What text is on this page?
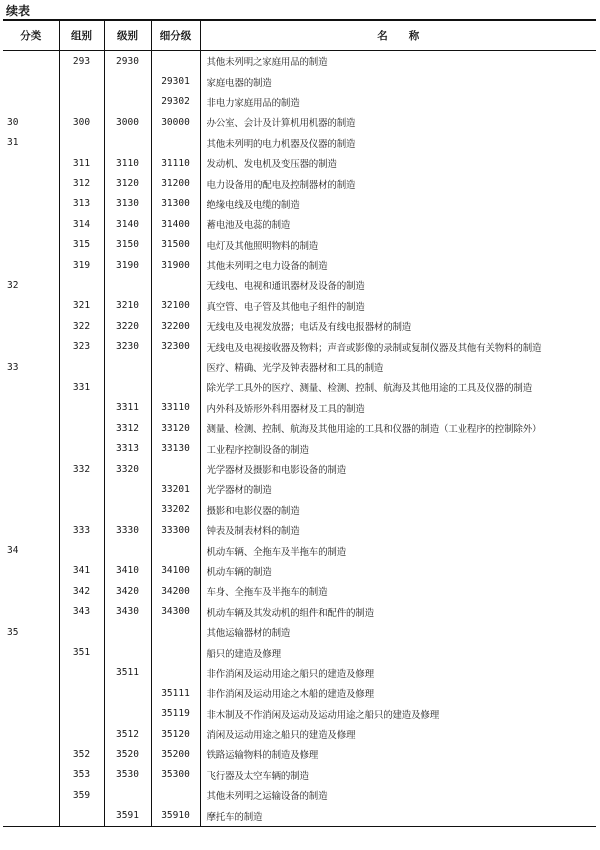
续表
分类	组别	级别	细分级	名　　称
	293	2930		其他未列明之家庭用品的制造
			29301	家庭电器的制造
			29302	非电力家庭用品的制造
30	300	3000	30000	办公室、会计及计算机用机器的制造
31				其他未列明的电力机器及仪器的制造
	311	3110	31110	发动机、发电机及变压器的制造
	312	3120	31200	电力设备用的配电及控制器材的制造
	313	3130	31300	绝缘电线及电缆的制造
	314	3140	31400	蓄电池及电蕊的制造
	315	3150	31500	电灯及其他照明物料的制造
	319	3190	31900	其他未列明之电力设备的制造
32				无线电、电视和通讯器材及设备的制造
	321	3210	32100	真空管、电子管及其他电子组件的制造
	322	3220	32200	无线电及电视发放器；电话及有线电报器材的制造
	323	3230	32300	无线电及电视接收器及物料；声音或影像的录制或复制仪器及其他有关物料的制造
33				医疗、精确、光学及钟表器材和工具的制造
	331			除光学工具外的医疗、测量、检测、控制、航海及其他用途的工具及仪器的制造
		3311	33110	内外科及矫形外科用器材及工具的制造
		3312	33120	测量、检测、控制、航海及其他用途的工具和仪器的制造（工业程序的控制除外）
		3313	33130	工业程序控制设备的制造
	332	3320		光学器材及摄影和电影设备的制造
			33201	光学器材的制造
			33202	摄影和电影仪器的制造
	333	3330	33300	钟表及制表材料的制造
34				机动车辆、全拖车及半拖车的制造
	341	3410	34100	机动车辆的制造
	342	3420	34200	车身、全拖车及半拖车的制造
	343	3430	34300	机动车辆及其发动机的组件和配件的制造
35				其他运输器材的制造
	351			船只的建造及修理
		3511		非作消闲及运动用途之船只的建造及修理
			35111	非作消闲及运动用途之木船的建造及修理
			35119	非木制及不作消闲及运动及运动用途之船只的建造及修理
		3512	35120	消闲及运动用途之船只的建造及修理
	352	3520	35200	铁路运输物料的制造及修理
	353	3530	35300	飞行器及太空车辆的制造
	359			其他未列明之运输设备的制造
		3591	35910	摩托车的制造
